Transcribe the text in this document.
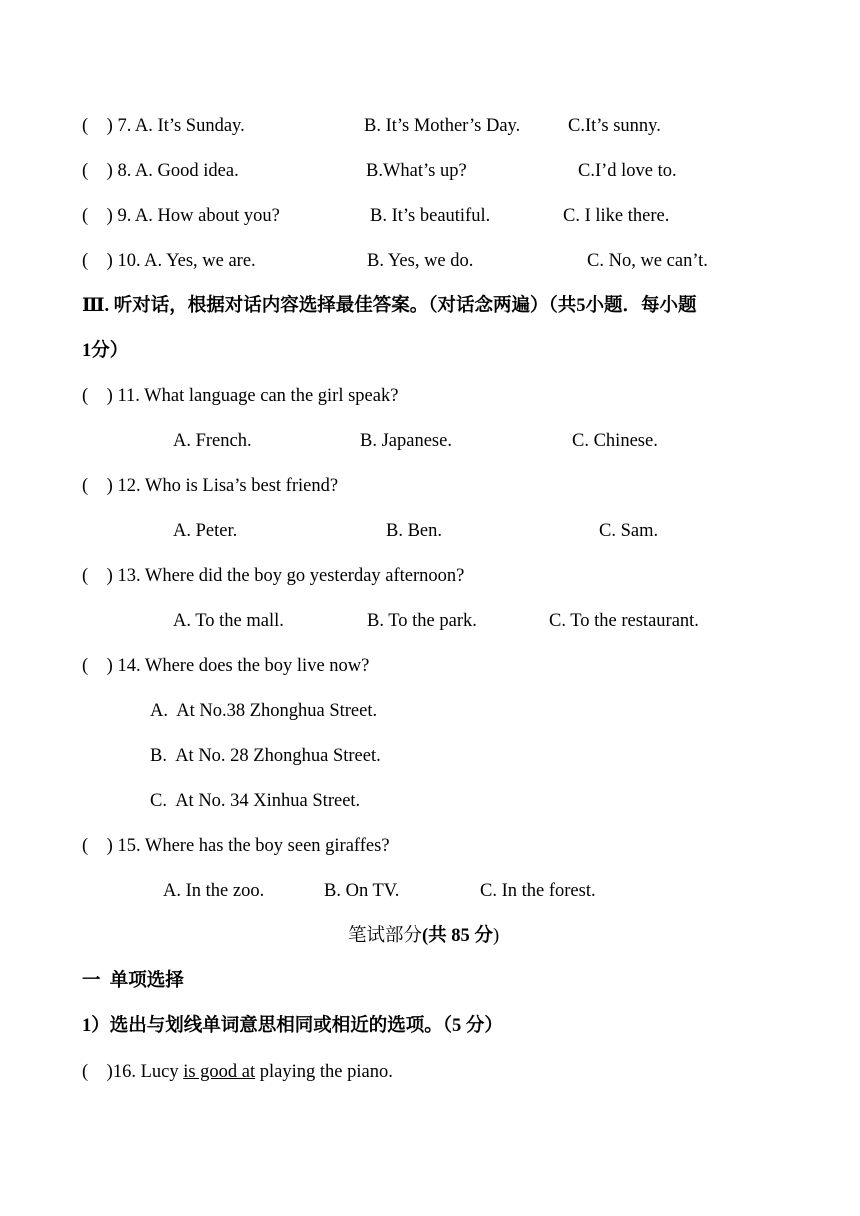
(    ) 7. A. It’s Sunday.	B. It’s Mother’s Day.	C.It’s sunny.
(    ) 8. A. Good idea.	B.What’s up?	C.I’d love to.
(    ) 9. A. How about you?	B. It’s beautiful.	C. I like there.
(    ) 10. A. Yes, we are.	B. Yes, we do.	C. No, we can’t.
Ⅲ. 听对话，根据对话内容选择最佳答案。（对话念两遍）（共5小题．每小题
1分）
(    ) 11. What language can the girl speak?
A. French.	B. Japanese.	C. Chinese.
(    ) 12. Who is Lisa’s best friend?
A. Peter.	B. Ben.	C. Sam.
(    ) 13. Where did the boy go yesterday afternoon?
A. To the mall.	B. To the park.	C. To the restaurant.
(    ) 14. Where does the boy live now?
A.  At No.38 Zhonghua Street.
B.  At No. 28 Zhonghua Street.
C.  At No. 34 Xinhua Street.
(    ) 15. Where has the boy seen giraffes?
A. In the zoo.	B. On TV.	C. In the forest.
笔试部分(共 85 分)
一  单项选择
1）选出与划线单词意思相同或相近的选项。（5 分）
(    )16. Lucy is good at playing the piano.
